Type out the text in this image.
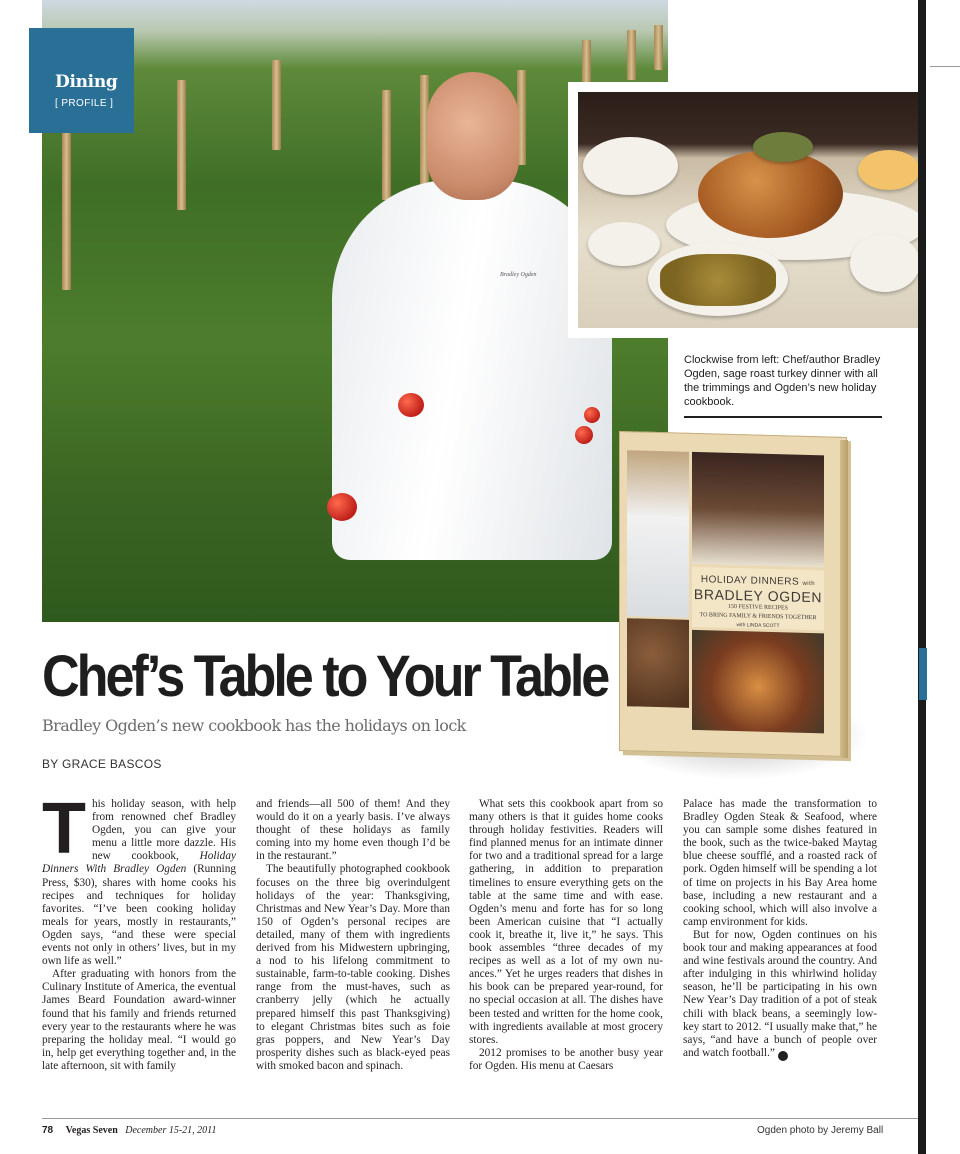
Bradley Ogden
Dining
[ PROFILE ]
Clockwise from left: Chef/author Bradley Ogden, sage roast turkey dinner with all the trimmings and Ogden’s new holiday cookbook.
HOLIDAY DINNERS with
BRADLEY OGDEN
150 FESTIVE RECIPES
TO BRING FAMILY & FRIENDS TOGETHER
with LINDA SCOTT
Chef’s Table to Your Table
Bradley Ogden’s new cookbook has the holidays on lock
BY GRACE BASCOS

This holiday season, with help from renowned chef Bradley Ogden, you can give your menu a little more dazzle. His new cookbook, Holiday Dinners With Bradley Ogden (Running Press, $30), shares with home cooks his recipes and techniques for holiday favorites. “I’ve been cooking holiday meals for years, mostly in restaurants,” Ogden says, “and these were special events not only in others’ lives, but in my own life as well.”

After graduating with honors from the Culinary Institute of America, the eventual James Beard Foundation award-winner found that his family and friends returned every year to the restaurants where he was preparing the holiday meal. “I would go in, help get everything together and, in the late afternoon, sit with family

and friends—all 500 of them! And they would do it on a yearly basis. I’ve always thought of these holidays as family coming into my home even though I’d be in the restaurant.”

The beautifully photographed cookbook focuses on the three big overindulgent holidays of the year: Thanksgiving, Christmas and New Year’s Day. More than 150 of Ogden’s personal recipes are detailed, many of them with ingredients derived from his Midwestern upbringing, a nod to his lifelong commitment to sustainable, farm-to-table cooking. Dishes range from the must-haves, such as cranberry jelly (which he actually prepared himself this past Thanksgiving) to elegant Christmas bites such as foie gras poppers, and New Year’s Day prosperity dishes such as black-eyed peas with smoked bacon and spinach.

What sets this cookbook apart from so many others is that it guides home cooks through holiday festivities. Readers will find planned menus for an intimate dinner for two and a traditional spread for a large gathering, in addition to preparation timelines to ensure everything gets on the table at the same time and with ease. Ogden’s menu and forte has for so long been American cuisine that “I actually cook it, breathe it, live it,” he says. This book assembles “three decades of my recipes as well as a lot of my own nuances.” Yet he urges readers that dishes in his book can be prepared year-round, for no special occasion at all. The dishes have been tested and written for the home cook, with ingredients available at most grocery stores.

2012 promises to be another busy year for Ogden. His menu at Caesars

Palace has made the transformation to Bradley Ogden Steak & Seafood, where you can sample some dishes featured in the book, such as the twice-baked Maytag blue cheese soufflé, and a roasted rack of pork. Ogden himself will be spending a lot of time on projects in his Bay Area home base, including a new restaurant and a cooking school, which will also involve a camp environment for kids.

But for now, Ogden continues on his book tour and making appearances at food and wine festivals around the country. And after indulging in this whirlwind holiday season, he’ll be participating in his own New Year’s Day tradition of a pot of steak chili with black beans, a seemingly low-key start to 2012. “I usually make that,” he says, “and have a bunch of people over and watch football.” 7

78 Vegas Seven December 15-21, 2011	Ogden photo by Jeremy Ball
